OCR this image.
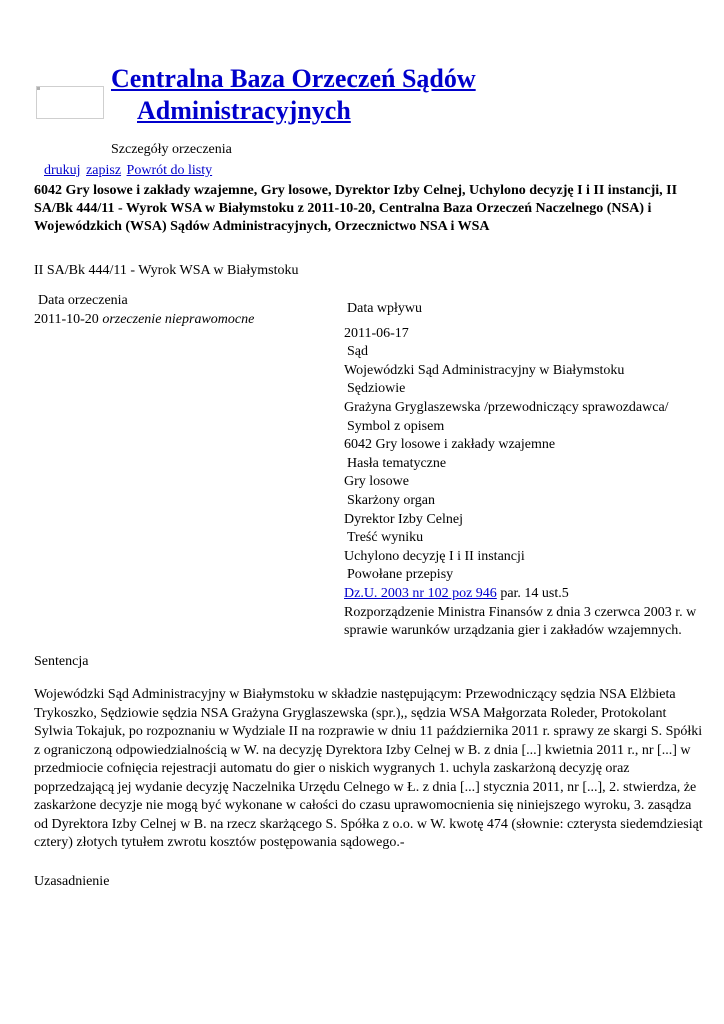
Centralna Baza Orzeczeń Sądów
Administracyjnych
Szczegóły orzeczenia
drukuj zapisz Powrót do listy
6042 Gry losowe i zakłady wzajemne, Gry losowe, Dyrektor Izby Celnej, Uchylono decyzję I i II instancji, II SA/Bk 444/11 - Wyrok WSA w Białymstoku z 2011-10-20, Centralna Baza Orzeczeń Naczelnego (NSA) i Wojewódzkich (WSA) Sądów Administracyjnych, Orzecznictwo NSA i WSA
II SA/Bk 444/11 - Wyrok WSA w Białymstoku
Data orzeczenia
2011-10-20 orzeczenie nieprawomocne
Data wpływu
2011-06-17
Sąd
Wojewódzki Sąd Administracyjny w Białymstoku
Sędziowie
Grażyna Gryglaszewska /przewodniczący sprawozdawca/
Symbol z opisem
6042 Gry losowe i zakłady wzajemne
Hasła tematyczne
Gry losowe
Skarżony organ
Dyrektor Izby Celnej
Treść wyniku
Uchylono decyzję I i II instancji
Powołane przepisy
Dz.U. 2003 nr 102 poz 946 par. 14 ust.5
Rozporządzenie Ministra Finansów z dnia 3 czerwca 2003 r. w sprawie warunków urządzania gier i zakładów wzajemnych.
Sentencja
Wojewódzki Sąd Administracyjny w Białymstoku w składzie następującym: Przewodniczący sędzia NSA Elżbieta Trykoszko, Sędziowie sędzia NSA Grażyna Gryglaszewska (spr.),, sędzia WSA Małgorzata Roleder, Protokolant Sylwia Tokajuk, po rozpoznaniu w Wydziale II na rozprawie w dniu 11 października 2011 r. sprawy ze skargi S. Spółki z ograniczoną odpowiedzialnością w W. na decyzję Dyrektora Izby Celnej w B. z dnia [...] kwietnia 2011 r., nr [...] w przedmiocie cofnięcia rejestracji automatu do gier o niskich wygranych 1. uchyla zaskarżoną decyzję oraz poprzedzającą jej wydanie decyzję Naczelnika Urzędu Celnego w Ł. z dnia [...] stycznia 2011, nr [...], 2. stwierdza, że zaskarżone decyzje nie mogą być wykonane w całości do czasu uprawomocnienia się niniejszego wyroku, 3. zasądza od Dyrektora Izby Celnej w B. na rzecz skarżącego S. Spółka z o.o. w W. kwotę 474 (słownie: czterysta siedemdziesiąt cztery) złotych tytułem zwrotu kosztów postępowania sądowego.-
Uzasadnienie
